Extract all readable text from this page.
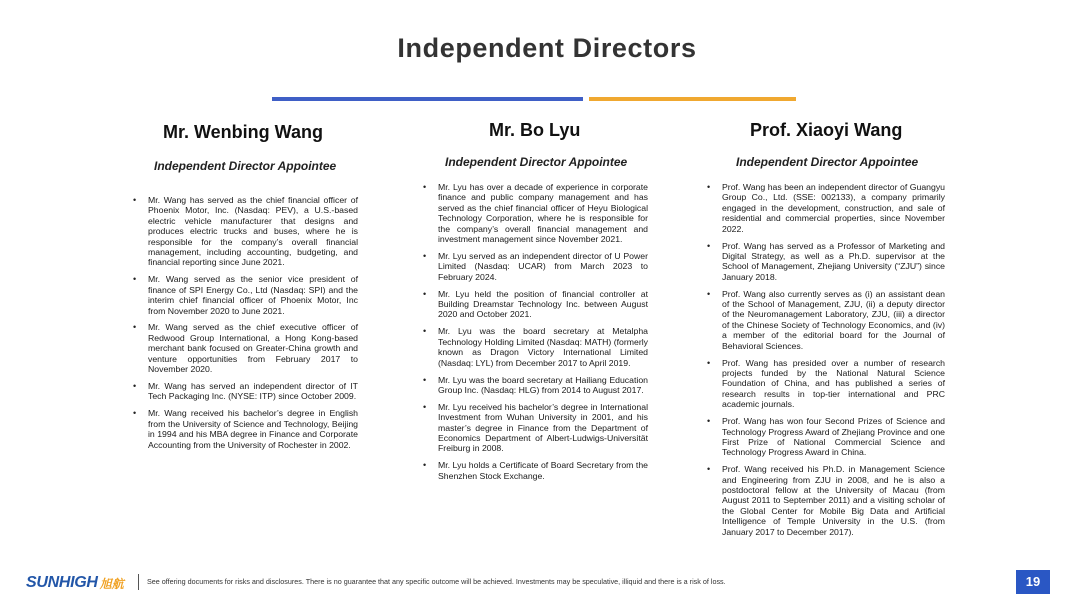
Independent Directors
Mr. Wenbing Wang
Independent Director Appointee
• Mr. Wang has served as the chief financial officer of Phoenix Motor, Inc. (Nasdaq: PEV), a U.S.-based electric vehicle manufacturer that designs and produces electric trucks and buses, where he is responsible for the company’s overall financial management, including accounting, budgeting, and financial reporting since June 2021.
• Mr. Wang served as the senior vice president of finance of SPI Energy Co., Ltd (Nasdaq: SPI) and the interim chief financial officer of Phoenix Motor, Inc from November 2020 to June 2021.
• Mr. Wang served as the chief executive officer of Redwood Group International, a Hong Kong-based merchant bank focused on Greater-China growth and venture opportunities from February 2017 to November 2020.
• Mr. Wang has served an independent director of IT Tech Packaging Inc. (NYSE: ITP) since October 2009.
• Mr. Wang received his bachelor’s degree in English from the University of Science and Technology, Beijing in 1994 and his MBA degree in Finance and Corporate Accounting from the University of Rochester in 2002.
Mr. Bo Lyu
Independent Director Appointee
• Mr. Lyu has over a decade of experience in corporate finance and public company management and has served as the chief financial officer of Heyu Biological Technology Corporation, where he is responsible for the company’s overall financial management and investment management since November 2021.
• Mr. Lyu served as an independent director of U Power Limited (Nasdaq: UCAR) from March 2023 to February 2024.
• Mr. Lyu held the position of financial controller at Building Dreamstar Technology Inc. between August 2020 and October 2021.
• Mr. Lyu was the board secretary at Metalpha Technology Holding Limited (Nasdaq: MATH) (formerly known as Dragon Victory International Limited (Nasdaq: LYL) from December 2017 to April 2019.
• Mr. Lyu was the board secretary at Hailiang Education Group Inc. (Nasdaq: HLG) from 2014 to August 2017.
• Mr. Lyu received his bachelor’s degree in International Investment from Wuhan University in 2001, and his master’s degree in Finance from the Department of Economics Department of Albert-Ludwigs-Universität Freiburg in 2008.
• Mr. Lyu holds a Certificate of Board Secretary from the Shenzhen Stock Exchange.
Prof. Xiaoyi Wang
Independent Director Appointee
• Prof. Wang has been an independent director of Guangyu Group Co., Ltd. (SSE: 002133), a company primarily engaged in the development, construction, and sale of residential and commercial properties, since November 2022.
• Prof. Wang has served as a Professor of Marketing and Digital Strategy, as well as a Ph.D. supervisor at the School of Management, Zhejiang University (“ZJU”) since January 2018.
• Prof. Wang also currently serves as (i) an assistant dean of the School of Management, ZJU, (ii) a deputy director of the Neuromanagement Laboratory, ZJU, (iii) a director of the Chinese Society of Technology Economics, and (iv) a member of the editorial board for the Journal of Behavioral Sciences.
• Prof. Wang has presided over a number of research projects funded by the National Natural Science Foundation of China, and has published a series of research results in top-tier international and PRC academic journals.
• Prof. Wang has won four Second Prizes of Science and Technology Progress Award of Zhejiang Province and one First Prize of National Commercial Science and Technology Progress Award in China.
• Prof. Wang received his Ph.D. in Management Science and Engineering from ZJU in 2008, and he is also a postdoctoral fellow at the University of Macau (from August 2011 to September 2011) and a visiting scholar of the Global Center for Mobile Big Data and Artificial Intelligence of Temple University in the U.S. (from January 2017 to December 2017).
SUNHIGH 旭航	See offering documents for risks and disclosures. There is no guarantee that any specific outcome will be achieved. Investments may be speculative, illiquid and there is a risk of loss.	19
